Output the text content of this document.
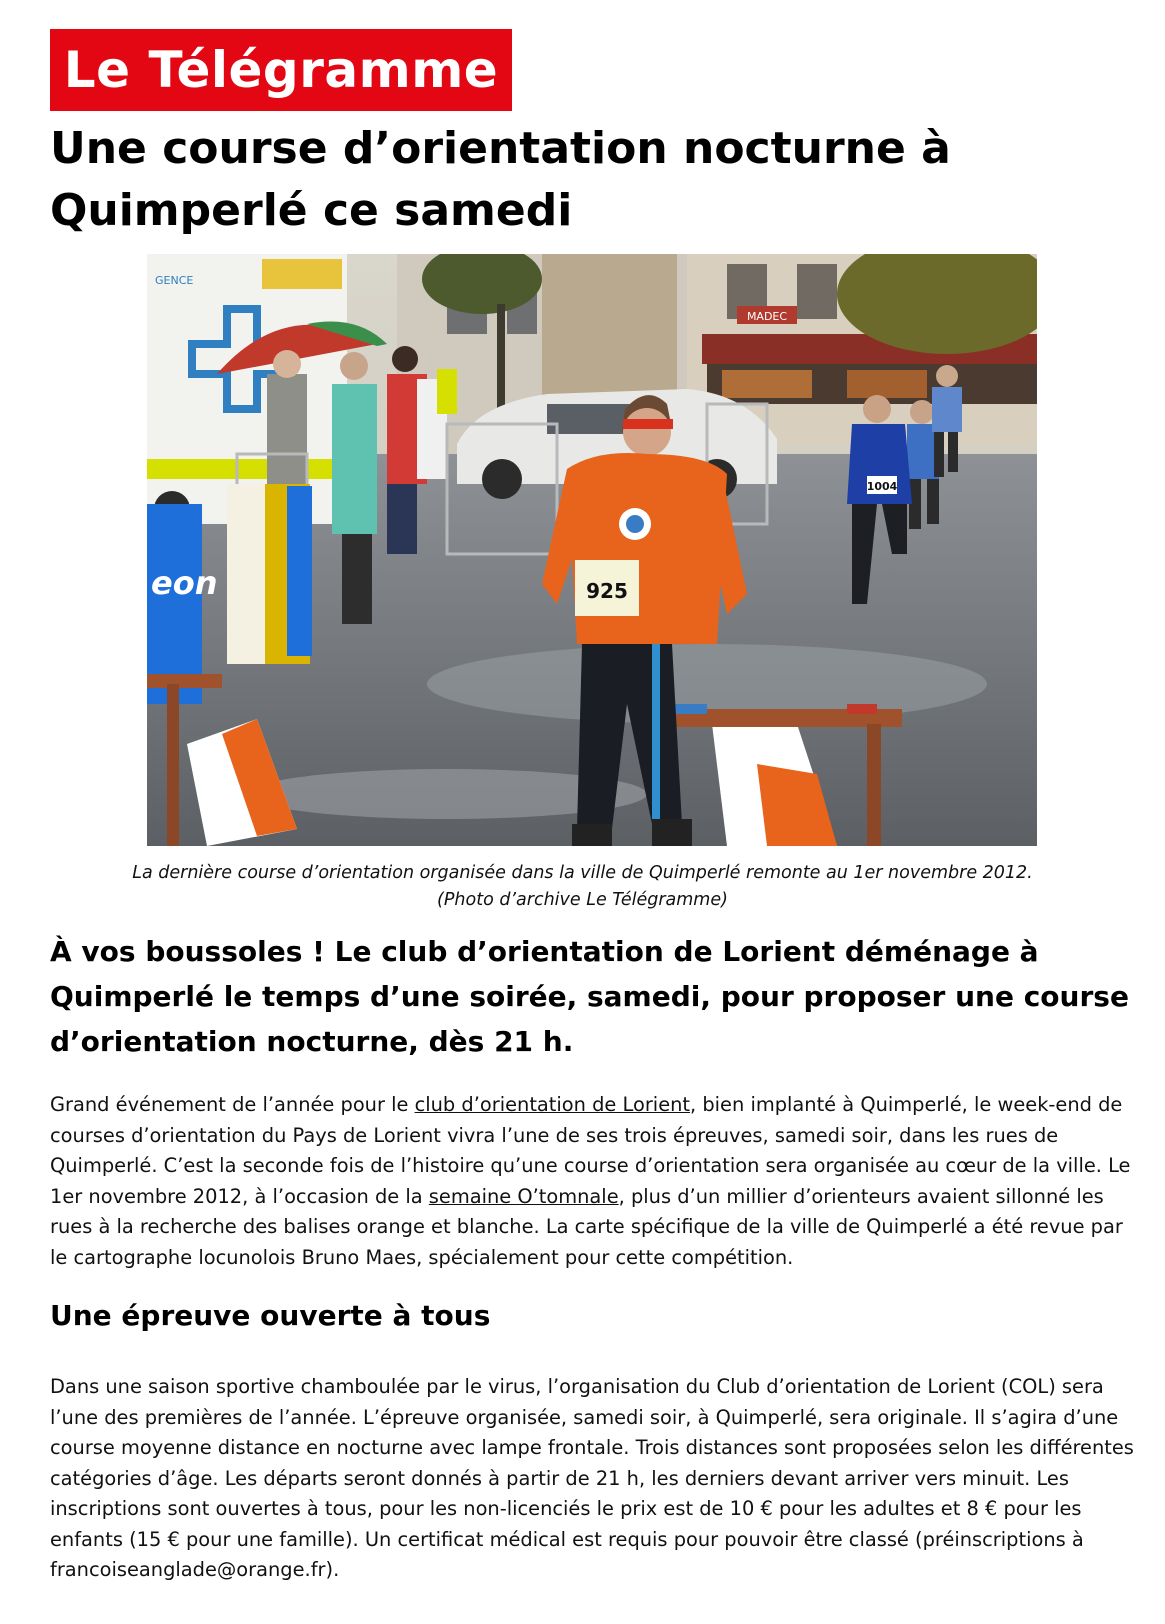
Le Télégramme
Une course d’orientation nocturne à Quimperlé ce samedi
MADEC
GENCE
eon
1004
925
La dernière course d’orientation organisée dans la ville de Quimperlé remonte au 1er novembre 2012.
(Photo d’archive Le Télégramme)
À vos boussoles ! Le club d’orientation de Lorient déménage à Quimperlé le temps d’une soirée, samedi, pour proposer une course d’orientation nocturne, dès 21 h.

Grand événement de l’année pour le club d’orientation de Lorient, bien implanté à Quimperlé, le week-end de courses d’orientation du Pays de Lorient vivra l’une de ses trois épreuves, samedi soir, dans les rues de Quimperlé. C’est la seconde fois de l’histoire qu’une course d’orientation sera organisée au cœur de la ville. Le 1er novembre 2012, à l’occasion de la semaine O’tomnale, plus d’un millier d’orienteurs avaient sillonné les rues à la recherche des balises orange et blanche. La carte spécifique de la ville de Quimperlé a été revue par le cartographe locunolois Bruno Maes, spécialement pour cette compétition.

Une épreuve ouverte à tous

Dans une saison sportive chamboulée par le virus, l’organisation du Club d’orientation de Lorient (COL) sera l’une des premières de l’année. L’épreuve organisée, samedi soir, à Quimperlé, sera originale. Il s’agira d’une course moyenne distance en nocturne avec lampe frontale. Trois distances sont proposées selon les différentes catégories d’âge. Les départs seront donnés à partir de 21 h, les derniers devant arriver vers minuit. Les inscriptions sont ouvertes à tous, pour les non-licenciés le prix est de 10 € pour les adultes et 8 € pour les enfants (15 € pour une famille). Un certificat médical est requis pour pouvoir être classé (préinscriptions à francoiseanglade@orange.fr).
